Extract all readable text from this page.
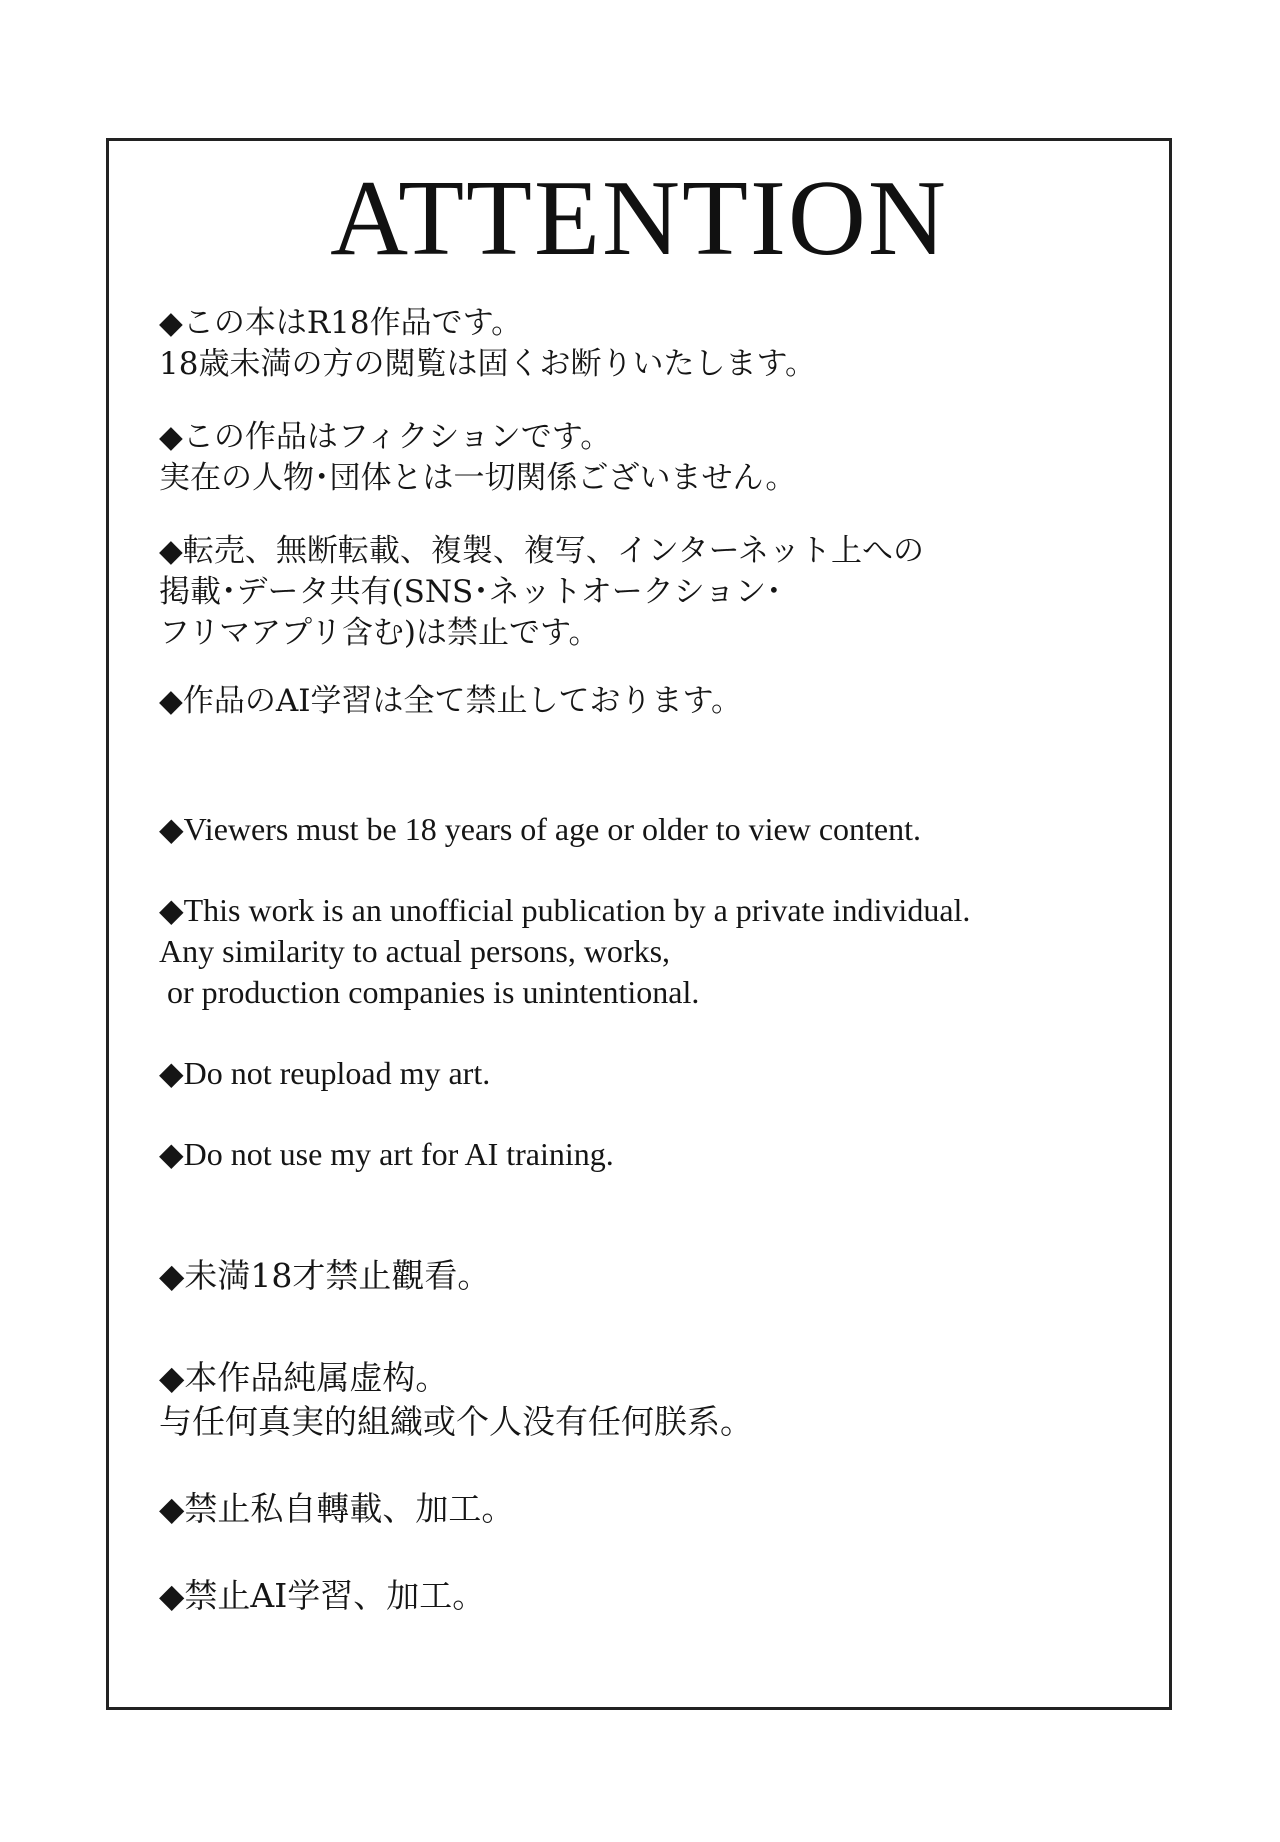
ATTENTION

◆この本はR18作品です。
18歳未満の方の閲覧は固くお断りいたします。

◆この作品はフィクションです。
実在の人物･団体とは一切関係ございません。

◆転売、無断転載、複製、複写、インターネット上への
掲載･データ共有(SNS･ネットオークション･
フリマアプリ含む)は禁止です。

◆作品のAI学習は全て禁止しております。

◆Viewers must be 18 years of age or older to view content.

◆This work is an unofficial publication by a private individual.
Any similarity to actual persons, works,
or production companies is unintentional.

◆Do not reupload my art.

◆Do not use my art for AI training.

◆未満18才禁止觀看。

◆本作品純属虚构。
与任何真実的組織或个人没有任何朕系。

◆禁止私自轉載、加工。

◆禁止AI学習、加工。
